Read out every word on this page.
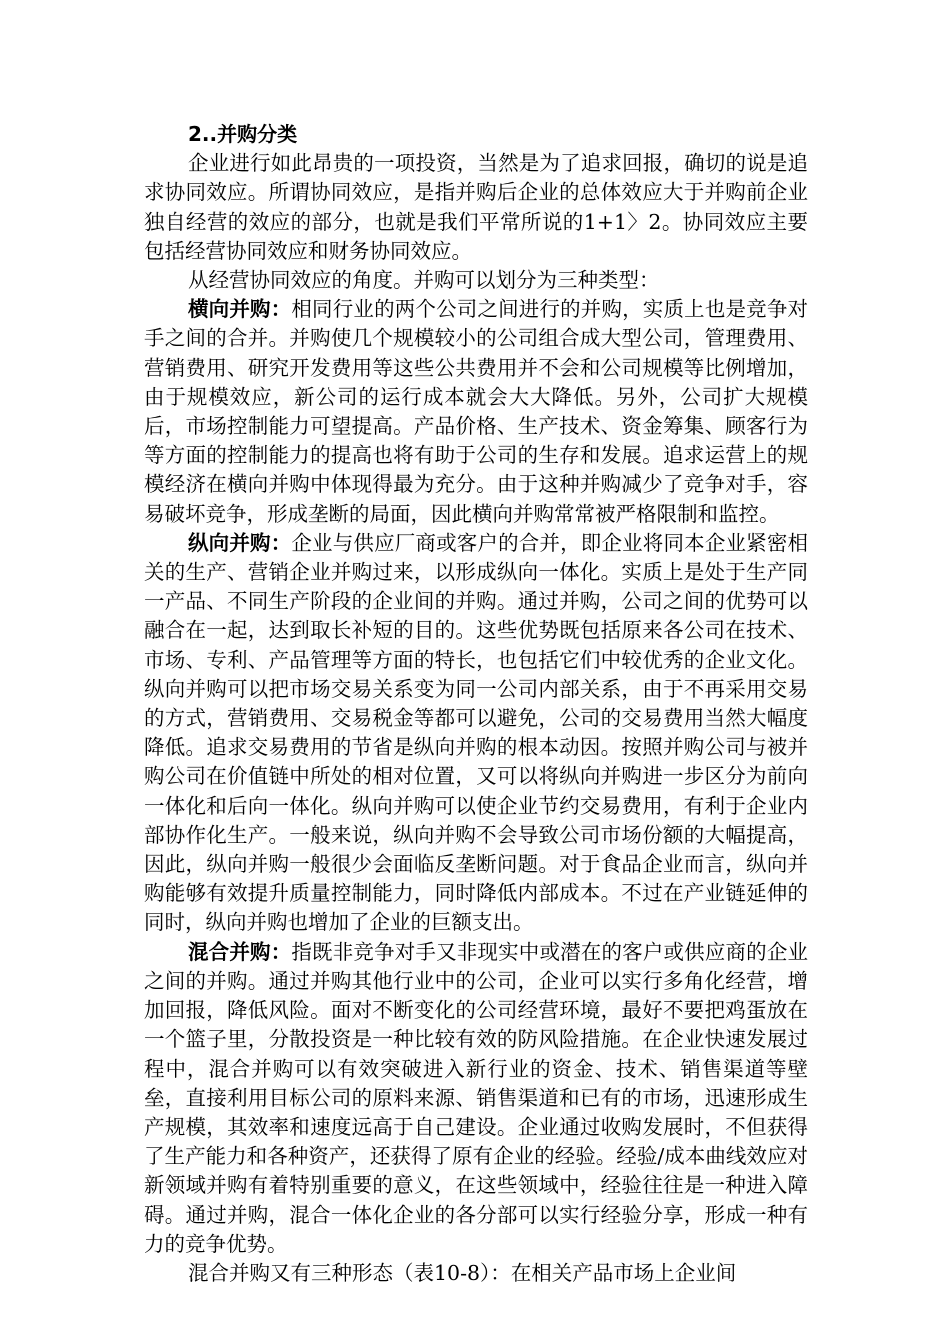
2..并购分类

企业进行如此昂贵的一项投资，当然是为了追求回报，确切的说是追求协同效应。所谓协同效应，是指并购后企业的总体效应大于并购前企业独自经营的效应的部分，也就是我们平常所说的1+1〉2。协同效应主要包括经营协同效应和财务协同效应。

从经营协同效应的角度。并购可以划分为三种类型：

横向并购：相同行业的两个公司之间进行的并购，实质上也是竞争对手之间的合并。并购使几个规模较小的公司组合成大型公司，管理费用、营销费用、研究开发费用等这些公共费用并不会和公司规模等比例增加，由于规模效应，新公司的运行成本就会大大降低。另外，公司扩大规模后，市场控制能力可望提高。产品价格、生产技术、资金筹集、顾客行为等方面的控制能力的提高也将有助于公司的生存和发展。追求运营上的规模经济在横向并购中体现得最为充分。由于这种并购减少了竞争对手，容易破坏竞争，形成垄断的局面，因此横向并购常常被严格限制和监控。

纵向并购：企业与供应厂商或客户的合并，即企业将同本企业紧密相关的生产、营销企业并购过来，以形成纵向一体化。实质上是处于生产同一产品、不同生产阶段的企业间的并购。通过并购，公司之间的优势可以融合在一起，达到取长补短的目的。这些优势既包括原来各公司在技术、市场、专利、产品管理等方面的特长，也包括它们中较优秀的企业文化。纵向并购可以把市场交易关系变为同一公司内部关系，由于不再采用交易的方式，营销费用、交易税金等都可以避免，公司的交易费用当然大幅度降低。追求交易费用的节省是纵向并购的根本动因。按照并购公司与被并购公司在价值链中所处的相对位置，又可以将纵向并购进一步区分为前向一体化和后向一体化。纵向并购可以使企业节约交易费用，有利于企业内部协作化生产。一般来说，纵向并购不会导致公司市场份额的大幅提高，因此，纵向并购一般很少会面临反垄断问题。对于食品企业而言，纵向并购能够有效提升质量控制能力，同时降低内部成本。不过在产业链延伸的同时，纵向并购也增加了企业的巨额支出。

混合并购：指既非竞争对手又非现实中或潜在的客户或供应商的企业之间的并购。通过并购其他行业中的公司，企业可以实行多角化经营，增加回报，降低风险。面对不断变化的公司经营环境，最好不要把鸡蛋放在一个篮子里，分散投资是一种比较有效的防风险措施。在企业快速发展过程中，混合并购可以有效突破进入新行业的资金、技术、销售渠道等壁垒，直接利用目标公司的原料来源、销售渠道和已有的市场，迅速形成生产规模，其效率和速度远高于自己建设。企业通过收购发展时，不但获得了生产能力和各种资产，还获得了原有企业的经验。经验/成本曲线效应对新领域并购有着特别重要的意义，在这些领域中，经验往往是一种进入障碍。通过并购，混合一体化企业的各分部可以实行经验分享，形成一种有力的竞争优势。

混合并购又有三种形态（表10-8）：在相关产品市场上企业间
